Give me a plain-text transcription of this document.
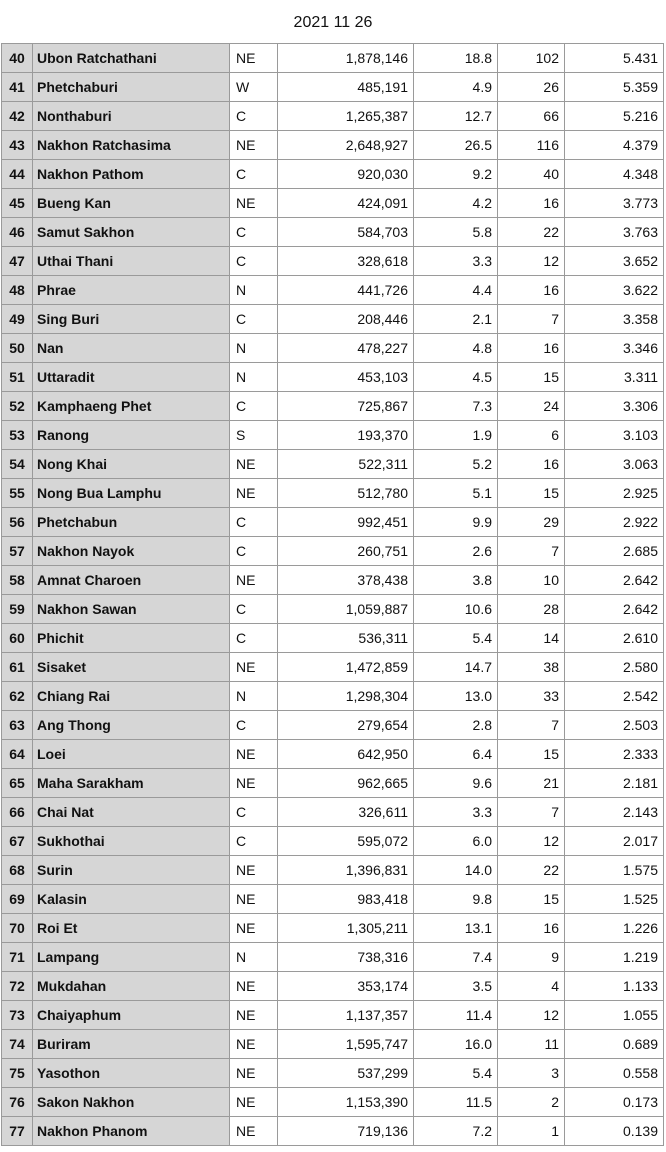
2021 11 26
40	Ubon Ratchathani	NE	1,878,146	18.8	102	5.431
41	Phetchaburi	W	485,191	4.9	26	5.359
42	Nonthaburi	C	1,265,387	12.7	66	5.216
43	Nakhon Ratchasima	NE	2,648,927	26.5	116	4.379
44	Nakhon Pathom	C	920,030	9.2	40	4.348
45	Bueng Kan	NE	424,091	4.2	16	3.773
46	Samut Sakhon	C	584,703	5.8	22	3.763
47	Uthai Thani	C	328,618	3.3	12	3.652
48	Phrae	N	441,726	4.4	16	3.622
49	Sing Buri	C	208,446	2.1	7	3.358
50	Nan	N	478,227	4.8	16	3.346
51	Uttaradit	N	453,103	4.5	15	3.311
52	Kamphaeng Phet	C	725,867	7.3	24	3.306
53	Ranong	S	193,370	1.9	6	3.103
54	Nong Khai	NE	522,311	5.2	16	3.063
55	Nong Bua Lamphu	NE	512,780	5.1	15	2.925
56	Phetchabun	C	992,451	9.9	29	2.922
57	Nakhon Nayok	C	260,751	2.6	7	2.685
58	Amnat Charoen	NE	378,438	3.8	10	2.642
59	Nakhon Sawan	C	1,059,887	10.6	28	2.642
60	Phichit	C	536,311	5.4	14	2.610
61	Sisaket	NE	1,472,859	14.7	38	2.580
62	Chiang Rai	N	1,298,304	13.0	33	2.542
63	Ang Thong	C	279,654	2.8	7	2.503
64	Loei	NE	642,950	6.4	15	2.333
65	Maha Sarakham	NE	962,665	9.6	21	2.181
66	Chai Nat	C	326,611	3.3	7	2.143
67	Sukhothai	C	595,072	6.0	12	2.017
68	Surin	NE	1,396,831	14.0	22	1.575
69	Kalasin	NE	983,418	9.8	15	1.525
70	Roi Et	NE	1,305,211	13.1	16	1.226
71	Lampang	N	738,316	7.4	9	1.219
72	Mukdahan	NE	353,174	3.5	4	1.133
73	Chaiyaphum	NE	1,137,357	11.4	12	1.055
74	Buriram	NE	1,595,747	16.0	11	0.689
75	Yasothon	NE	537,299	5.4	3	0.558
76	Sakon Nakhon	NE	1,153,390	11.5	2	0.173
77	Nakhon Phanom	NE	719,136	7.2	1	0.139
